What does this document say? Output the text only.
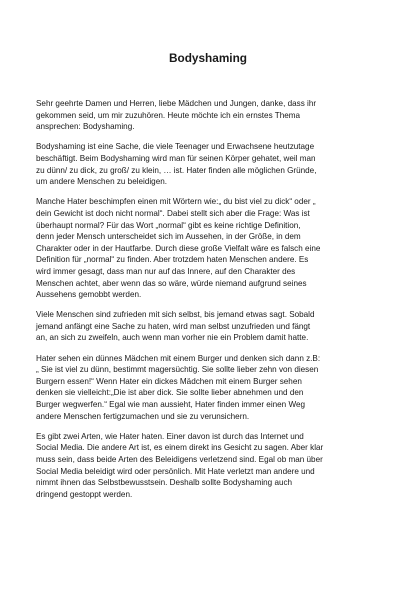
Bodyshaming

Sehr geehrte Damen und Herren, liebe Mädchen und Jungen, danke, dass ihr
gekommen seid, um mir zuzuhören. Heute möchte ich ein ernstes Thema
ansprechen: Bodyshaming.

Bodyshaming ist eine Sache, die viele Teenager und Erwachsene heutzutage
beschäftigt. Beim Bodyshaming wird man für seinen Körper gehatet, weil man
zu dünn/ zu dick, zu groß/ zu klein, … ist. Hater finden alle möglichen Gründe,
um andere Menschen zu beleidigen.

Manche Hater beschimpfen einen mit Wörtern wie:„ du bist viel zu dick“ oder „
dein Gewicht ist doch nicht normal“. Dabei stellt sich aber die Frage: Was ist
überhaupt normal? Für das Wort „normal“ gibt es keine richtige Definition,
denn jeder Mensch unterscheidet sich im Aussehen, in der Größe, in dem
Charakter oder in der Hautfarbe. Durch diese große Vielfalt wäre es falsch eine
Definition für „normal“ zu finden. Aber trotzdem haten Menschen andere. Es
wird immer gesagt, dass man nur auf das Innere, auf den Charakter des
Menschen achtet, aber wenn das so wäre, würde niemand aufgrund seines
Aussehens gemobbt werden.

Viele Menschen sind zufrieden mit sich selbst, bis jemand etwas sagt. Sobald
jemand anfängt eine Sache zu haten, wird man selbst unzufrieden und fängt
an, an sich zu zweifeln, auch wenn man vorher nie ein Problem damit hatte.

Hater sehen ein dünnes Mädchen mit einem Burger und denken sich dann z.B:
„ Sie ist viel zu dünn, bestimmt magersüchtig. Sie sollte lieber zehn von diesen
Burgern essen!“ Wenn Hater ein dickes Mädchen mit einem Burger sehen
denken sie vielleicht:„Die ist aber dick. Sie sollte lieber abnehmen und den
Burger wegwerfen.“ Egal wie man aussieht, Hater finden immer einen Weg
andere Menschen fertigzumachen und sie zu verunsichern.

Es gibt zwei Arten, wie Hater haten. Einer davon ist durch das Internet und
Social Media. Die andere Art ist, es einem direkt ins Gesicht zu sagen. Aber klar
muss sein, dass beide Arten des Beleidigens verletzend sind. Egal ob man über
Social Media beleidigt wird oder persönlich. Mit Hate verletzt man andere und
nimmt ihnen das Selbstbewusstsein. Deshalb sollte Bodyshaming auch
dringend gestoppt werden.
